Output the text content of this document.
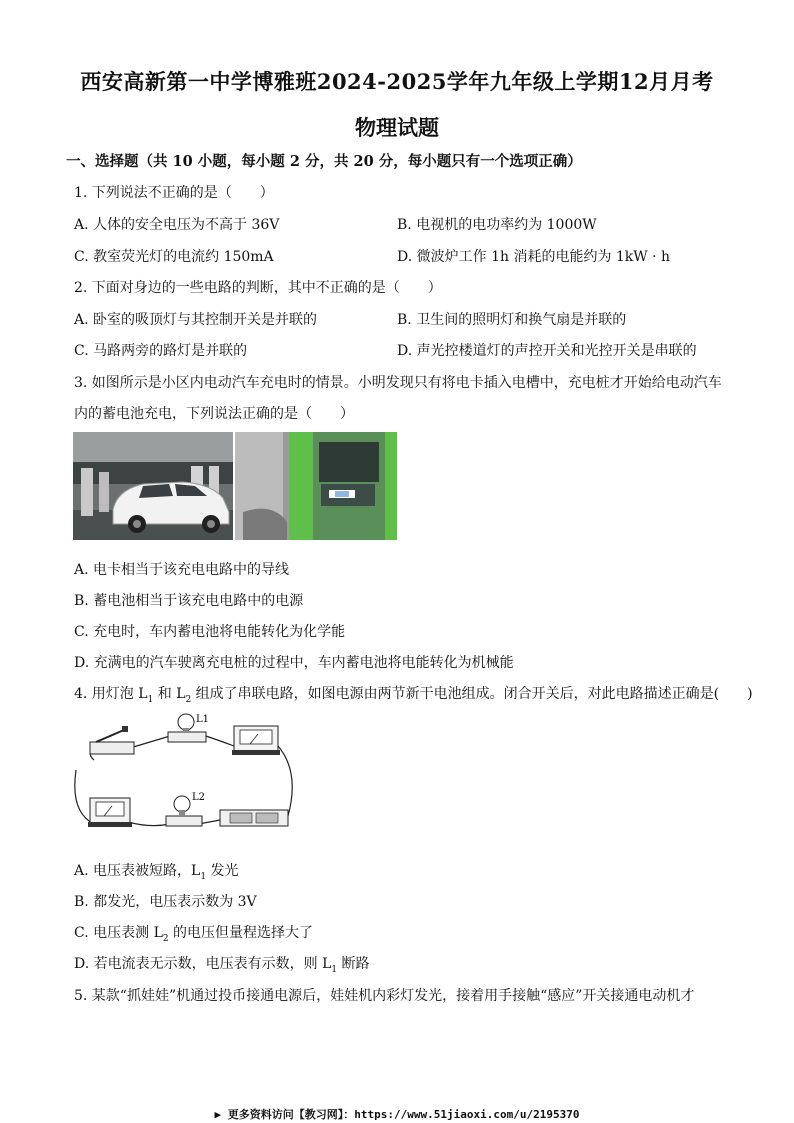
西安高新第一中学博雅班2024-2025学年九年级上学期12月月考
物理试题
一、选择题（共 10 小题，每小题 2 分，共 20 分，每小题只有一个选项正确）
1. 下列说法不正确的是（　　）
A. 人体的安全电压为不高于 36V	B. 电视机的电功率约为 1000W
C. 教室荧光灯的电流约 150mA	D. 微波炉工作 1h 消耗的电能约为 1kW · h
2. 下面对身边的一些电路的判断，其中不正确的是（　　）
A. 卧室的吸顶灯与其控制开关是并联的	B. 卫生间的照明灯和换气扇是并联的
C. 马路两旁的路灯是并联的	D. 声光控楼道灯的声控开关和光控开关是串联的
3. 如图所示是小区内电动汽车充电时的情景。小明发现只有将电卡插入电槽中，充电桩才开始给电动汽车
内的蓄电池充电，下列说法正确的是（　　）
A. 电卡相当于该充电电路中的导线
B. 蓄电池相当于该充电电路中的电源
C. 充电时，车内蓄电池将电能转化为化学能
D. 充满电的汽车驶离充电桩的过程中，车内蓄电池将电能转化为机械能
4. 用灯泡 $L_1$ 和 $L_2$ 组成了串联电路，如图电源由两节新干电池组成。闭合开关后，对此电路描述正确是(　　)
L1
L2
A. 电压表被短路，$L_1$ 发光
B. 都发光，电压表示数为 3V
C. 电压表测 $L_2$ 的电压但量程选择大了
D. 若电流表无示数，电压表有示数，则 $L_1$ 断路
5. 某款“抓娃娃”机通过投币接通电源后，娃娃机内彩灯发光，接着用手接触“感应”开关接通电动机才
▶ 更多资料访问【教习网】：https://www.51jiaoxi.com/u/2195370
